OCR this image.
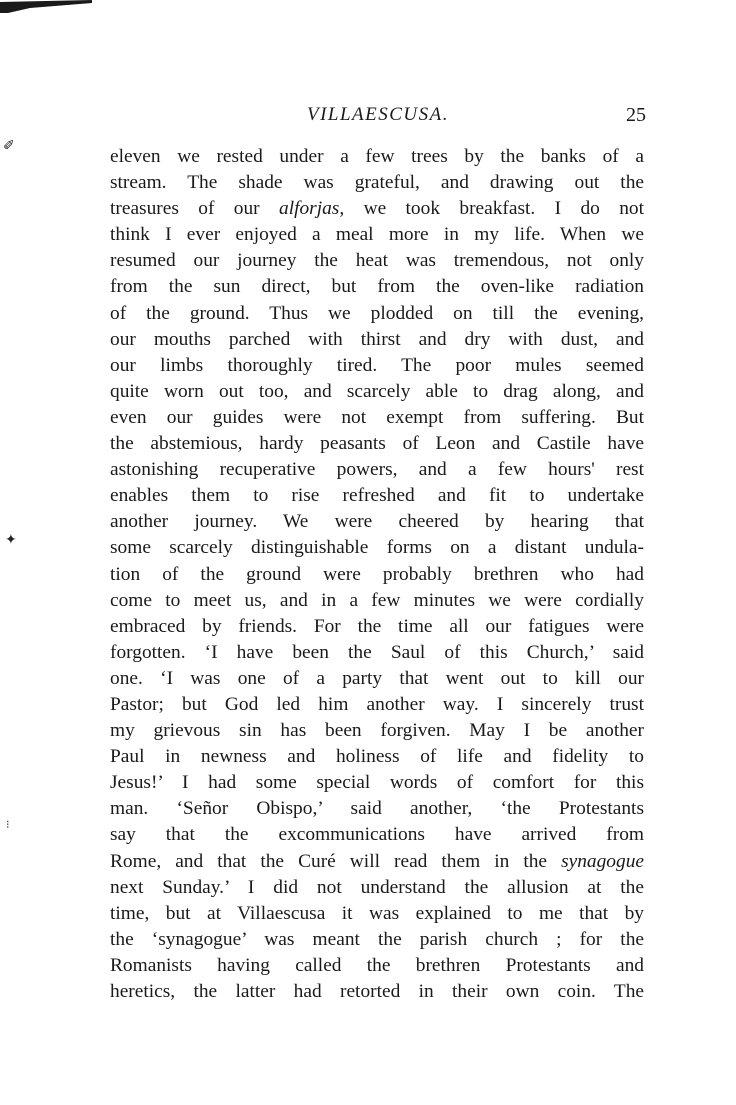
VILLAESCUSA.	25
eleven we rested under a few trees by the banks of a
stream. The shade was grateful, and drawing out the
treasures of our alforjas, we took breakfast. I do not
think I ever enjoyed a meal more in my life. When we
resumed our journey the heat was tremendous, not only
from the sun direct, but from the oven-like radiation
of the ground. Thus we plodded on till the evening,
our mouths parched with thirst and dry with dust, and
our limbs thoroughly tired. The poor mules seemed
quite worn out too, and scarcely able to drag along, and
even our guides were not exempt from suffering. But
the abstemious, hardy peasants of Leon and Castile have
astonishing recuperative powers, and a few hours' rest
enables them to rise refreshed and fit to undertake
another journey. We were cheered by hearing that
some scarcely distinguishable forms on a distant undula-
tion of the ground were probably brethren who had
come to meet us, and in a few minutes we were cordially
embraced by friends. For the time all our fatigues were
forgotten. ‘I have been the Saul of this Church,’ said
one. ‘I was one of a party that went out to kill our
Pastor; but God led him another way. I sincerely trust
my grievous sin has been forgiven. May I be another
Paul in newness and holiness of life and fidelity to
Jesus!’ I had some special words of comfort for this
man. ‘Señor Obispo,’ said another, ‘the Protestants
say that the excommunications have arrived from
Rome, and that the Curé will read them in the synagogue
next Sunday.’ I did not understand the allusion at the
time, but at Villaescusa it was explained to me that by
the ‘synagogue’ was meant the parish church ; for the
Romanists having called the brethren Protestants and
heretics, the latter had retorted in their own coin. The
✐
✦
⁝
